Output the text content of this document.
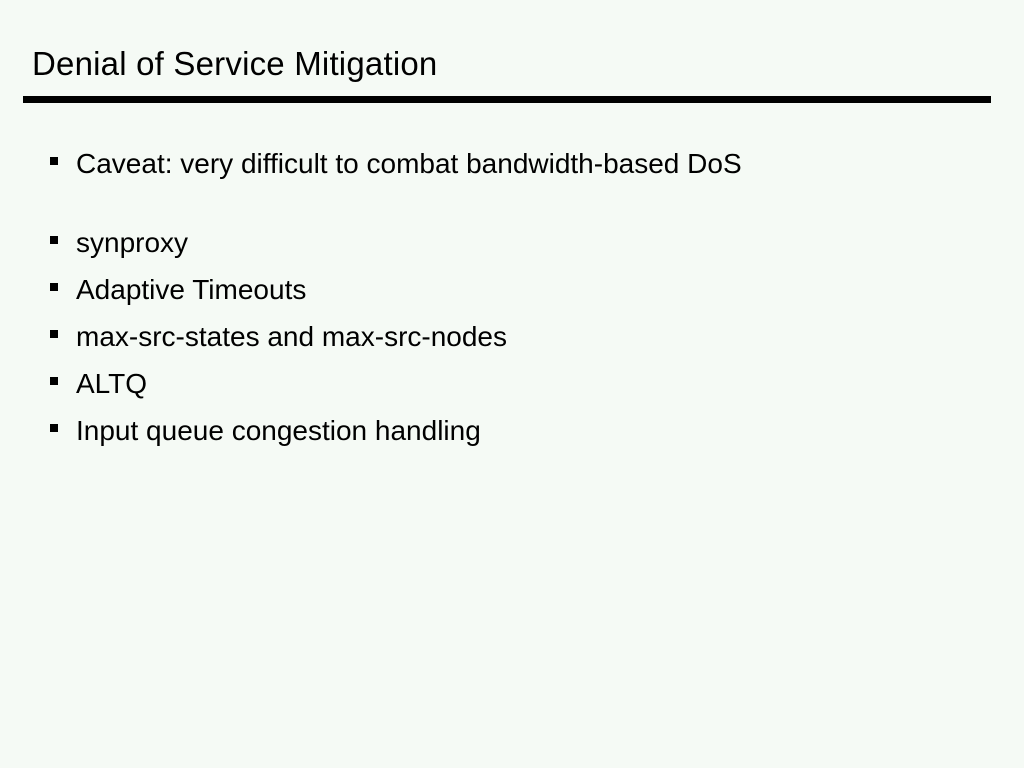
Denial of Service Mitigation
Caveat: very difficult to combat bandwidth-based DoS
synproxy
Adaptive Timeouts
max-src-states and max-src-nodes
ALTQ
Input queue congestion handling
